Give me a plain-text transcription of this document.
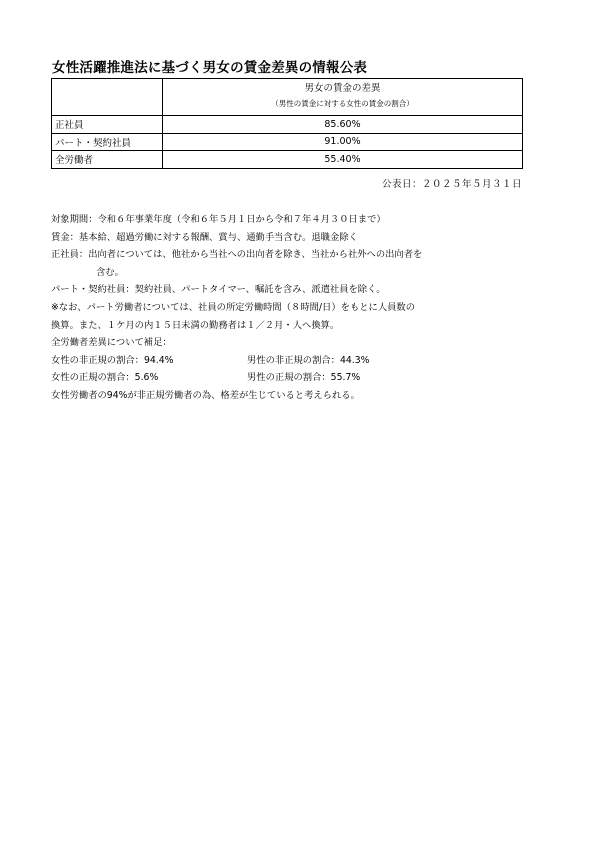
女性活躍推進法に基づく男女の賃金差異の情報公表

	男女の賃金の差異
（男性の賃金に対する女性の賃金の割合）

正社員	85.60%
パート・契約社員	91.00%
全労働者	55.40%
公表日：２０２５年５月３１日
対象期間：令和６年事業年度（令和６年５月１日から令和７年４月３０日まで）
賃金：基本給、超過労働に対する報酬、賞与、通勤手当含む。退職金除く
正社員：出向者については、他社から当社への出向者を除き、当社から社外への出向者を
含む。
パート・契約社員：契約社員、パートタイマー、嘱託を含み、派遣社員を除く。
※なお、パート労働者については、社員の所定労働時間（８時間/日）をもとに人員数の
換算。また、１ケ月の内１５日未満の勤務者は１／２月・人へ換算。
全労働者差異について補足：
女性の非正規の割合：94.4%	男性の非正規の割合：44.3%
女性の正規の割合：5.6%	男性の正規の割合：55.7%
女性労働者の94%が非正規労働者の為、格差が生じていると考えられる。
